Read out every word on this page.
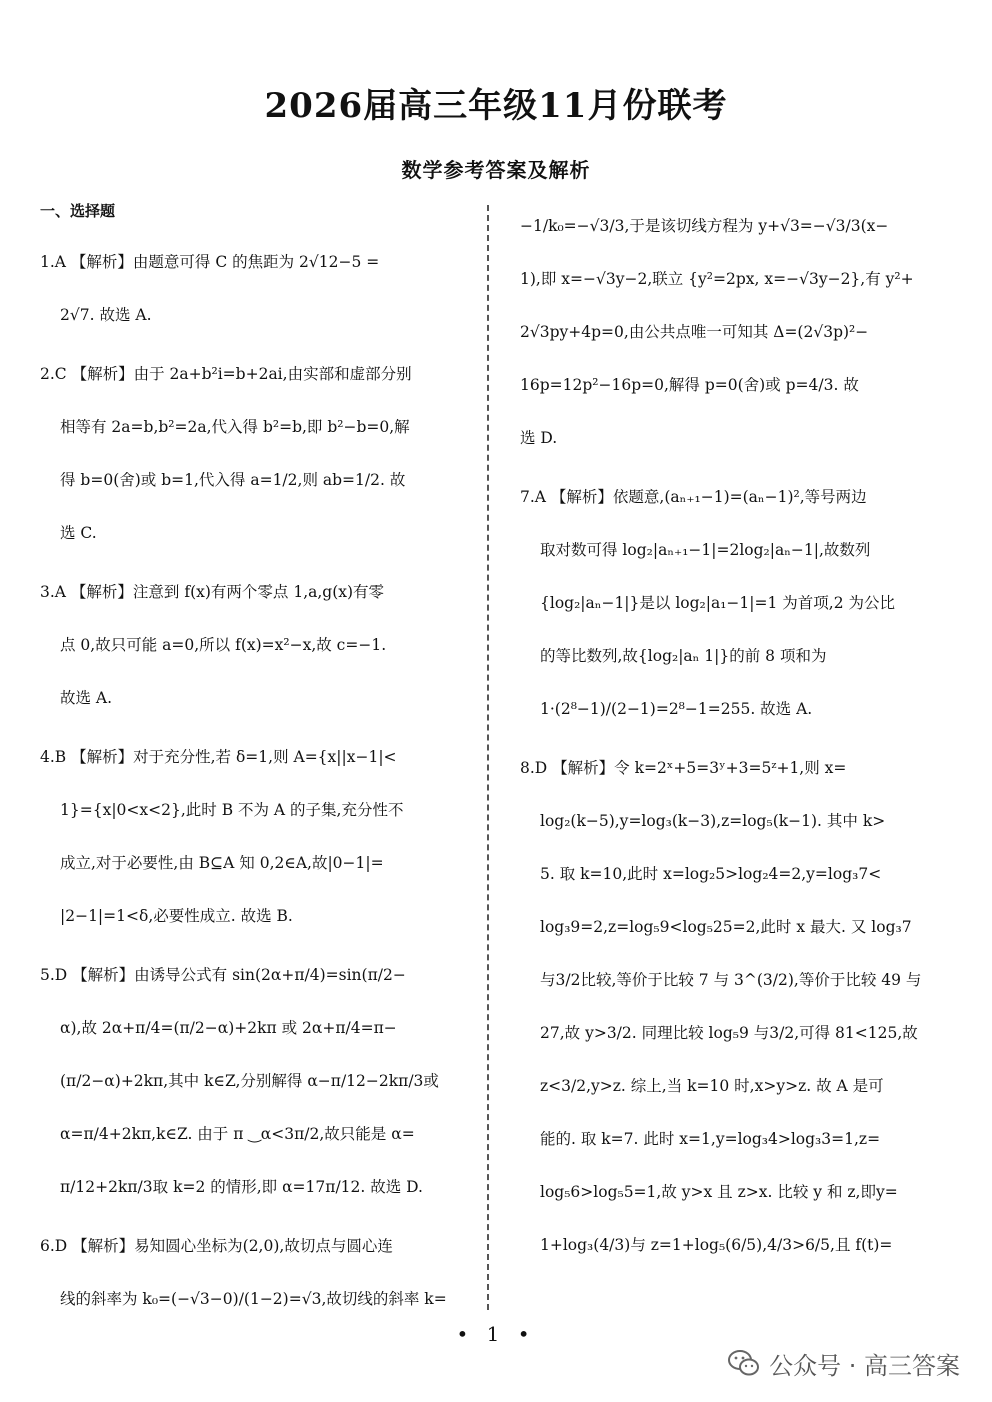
2026届高三年级11月份联考
数学参考答案及解析
一、选择题
1.A 【解析】由题意可得 C 的焦距为 2√12−5 =
2√7. 故选 A.
2.C 【解析】由于 2a+b²i=b+2ai,由实部和虚部分别
相等有 2a=b,b²=2a,代入得 b²=b,即 b²−b=0,解
得 b=0(舍)或 b=1,代入得 a=1/2,则 ab=1/2. 故
选 C.
3.A 【解析】注意到 f(x)有两个零点 1,a,g(x)有零
点 0,故只可能 a=0,所以 f(x)=x²−x,故 c=−1.
故选 A.
4.B 【解析】对于充分性,若 δ=1,则 A={x||x−1|<
1}={x|0<x<2},此时 B 不为 A 的子集,充分性不
成立,对于必要性,由 B⊆A 知 0,2∈A,故|0−1|=
|2−1|=1<δ,必要性成立. 故选 B.
5.D 【解析】由诱导公式有 sin(2α+π/4)=sin(π/2−
α),故 2α+π/4=(π/2−α)+2kπ 或 2α+π/4=π−
(π/2−α)+2kπ,其中 k∈Z,分别解得 α−π/12−2kπ/3或
α=π/4+2kπ,k∈Z. 由于 π ‿α<3π/2,故只能是 α=
π/12+2kπ/3取 k=2 的情形,即 α=17π/12. 故选 D.
6.D 【解析】易知圆心坐标为(2,0),故切点与圆心连
线的斜率为 k₀=(−√3−0)/(1−2)=√3,故切线的斜率 k=
−1/k₀=−√3/3,于是该切线方程为 y+√3=−√3/3(x−
1),即 x=−√3y−2,联立 {y²=2px, x=−√3y−2},有 y²+
2√3py+4p=0,由公共点唯一可知其 Δ=(2√3p)²−
16p=12p²−16p=0,解得 p=0(舍)或 p=4/3. 故
选 D.
7.A 【解析】依题意,(aₙ₊₁−1)=(aₙ−1)²,等号两边
取对数可得 log₂|aₙ₊₁−1|=2log₂|aₙ−1|,故数列
{log₂|aₙ−1|}是以 log₂|a₁−1|=1 为首项,2 为公比
的等比数列,故{log₂|aₙ 1|}的前 8 项和为
1·(2⁸−1)/(2−1)=2⁸−1=255. 故选 A.
8.D 【解析】令 k=2ˣ+5=3ʸ+3=5ᶻ+1,则 x=
log₂(k−5),y=log₃(k−3),z=log₅(k−1). 其中 k>
5. 取 k=10,此时 x=log₂5>log₂4=2,y=log₃7<
log₃9=2,z=log₅9<log₅25=2,此时 x 最大. 又 log₃7
与3/2比较,等价于比较 7 与 3^(3/2),等价于比较 49 与
27,故 y>3/2. 同理比较 log₅9 与3/2,可得 81<125,故
z<3/2,y>z. 综上,当 k=10 时,x>y>z. 故 A 是可
能的. 取 k=7. 此时 x=1,y=log₃4>log₃3=1,z=
log₅6>log₅5=1,故 y>x 且 z>x. 比较 y 和 z,即y=
1+log₃(4/3)与 z=1+log₅(6/5),4/3>6/5,且 f(t)=
• 1 •
公众号 · 高三答案
